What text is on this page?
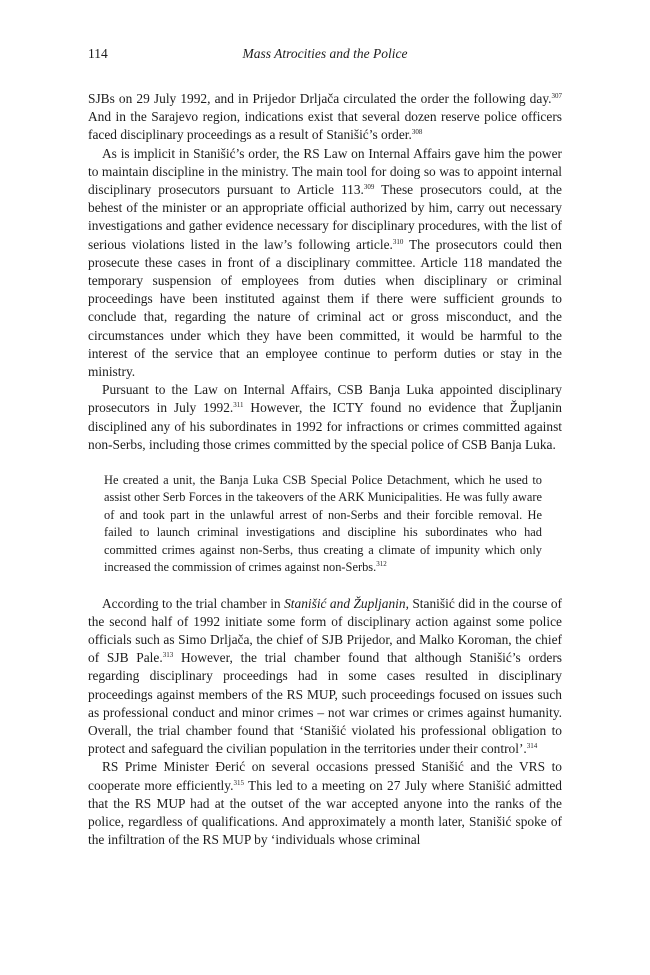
114	Mass Atrocities and the Police

SJBs on 29 July 1992, and in Prijedor Drljača circulated the order the following day.$^{307}$ And in the Sarajevo region, indications exist that several dozen reserve police officers faced disciplinary proceedings as a result of Stanišić’s order.$^{308}$

As is implicit in Stanišić’s order, the RS Law on Internal Affairs gave him the power to maintain discipline in the ministry. The main tool for doing so was to appoint internal disciplinary prosecutors pursuant to Article 113.$^{309}$ These prosecutors could, at the behest of the minister or an appropriate official authorized by him, carry out necessary investigations and gather evidence necessary for disciplinary procedures, with the list of serious violations listed in the law’s following article.$^{310}$ The prosecutors could then prosecute these cases in front of a disciplinary committee. Article 118 mandated the temporary suspension of employees from duties when disciplinary or criminal proceedings have been instituted against them if there were sufficient grounds to conclude that, regarding the nature of criminal act or gross misconduct, and the circumstances under which they have been committed, it would be harmful to the interest of the service that an employee continue to perform duties or stay in the ministry.

Pursuant to the Law on Internal Affairs, CSB Banja Luka appointed disciplinary prosecutors in July 1992.$^{311}$ However, the ICTY found no evidence that Župljanin disciplined any of his subordinates in 1992 for infractions or crimes committed against non-Serbs, including those crimes committed by the special police of CSB Banja Luka.

He created a unit, the Banja Luka CSB Special Police Detachment, which he used to assist other Serb Forces in the takeovers of the ARK Municipalities. He was fully aware of and took part in the unlawful arrest of non-Serbs and their forcible removal. He failed to launch criminal investigations and discipline his subordinates who had committed crimes against non-Serbs, thus creating a climate of impunity which only increased the commission of crimes against non-Serbs.$^{312}$

According to the trial chamber in Stanišić and Župljanin, Stanišić did in the course of the second half of 1992 initiate some form of disciplinary action against some police officials such as Simo Drljača, the chief of SJB Prijedor, and Malko Koroman, the chief of SJB Pale.$^{313}$ However, the trial chamber found that although Stanišić’s orders regarding disciplinary proceedings had in some cases resulted in disciplinary proceedings against members of the RS MUP, such proceedings focused on issues such as professional conduct and minor crimes – not war crimes or crimes against humanity. Overall, the trial chamber found that ‘Stanišić violated his professional obligation to protect and safeguard the civilian population in the territories under their control’.$^{314}$

RS Prime Minister Đerić on several occasions pressed Stanišić and the VRS to cooperate more efficiently.$^{315}$ This led to a meeting on 27 July where Stanišić admitted that the RS MUP had at the outset of the war accepted anyone into the ranks of the police, regardless of qualifications. And approximately a month later, Stanišić spoke of the infiltration of the RS MUP by ‘individuals whose criminal
